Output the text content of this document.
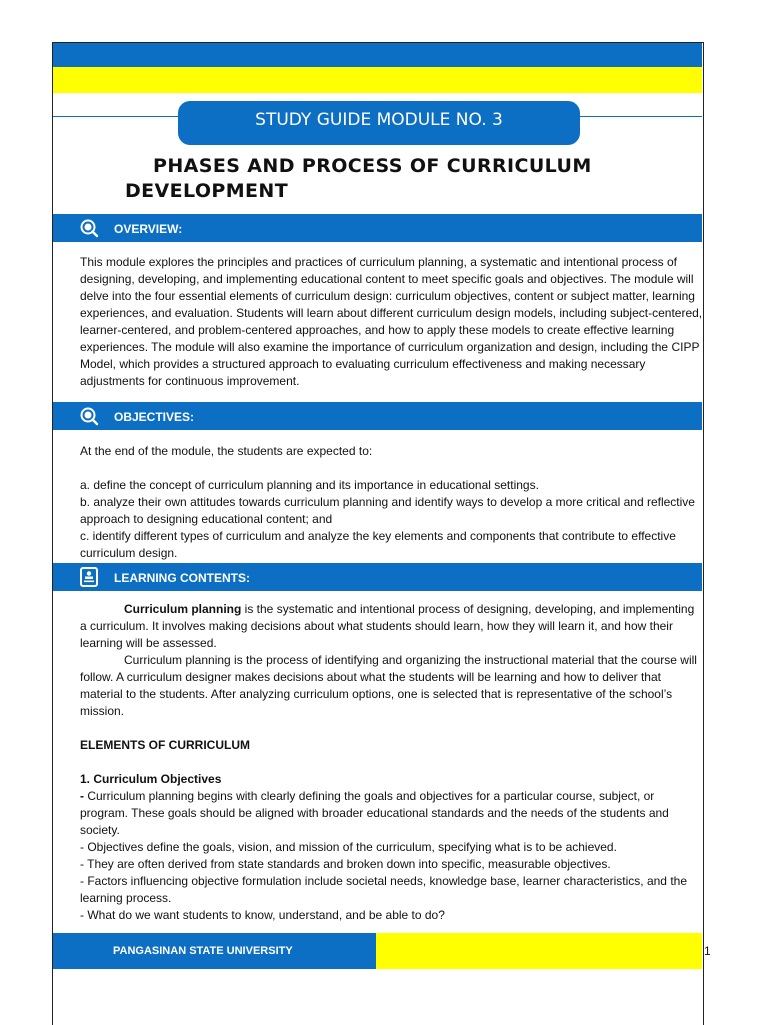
STUDY GUIDE MODULE NO. 3
PHASES AND PROCESS OF CURRICULUM
DEVELOPMENT
OVERVIEW:

This module explores the principles and practices of curriculum planning, a systematic and intentional process of designing, developing, and implementing educational content to meet specific goals and objectives. The module will delve into the four essential elements of curriculum design: curriculum objectives, content or subject matter, learning experiences, and evaluation. Students will learn about different curriculum design models, including subject-centered, learner-centered, and problem-centered approaches, and how to apply these models to create effective learning experiences. The module will also examine the importance of curriculum organization and design, including the CIPP Model, which provides a structured approach to evaluating curriculum effectiveness and making necessary adjustments for continuous improvement.

OBJECTIVES:

At the end of the module, the students are expected to:

a. define the concept of curriculum planning and its importance in educational settings.

b. analyze their own attitudes towards curriculum planning and identify ways to develop a more critical and reflective approach to designing educational content; and

c. identify different types of curriculum and analyze the key elements and components that contribute to effective curriculum design.

LEARNING CONTENTS:

Curriculum planning is the systematic and intentional process of designing, developing, and implementing a curriculum. It involves making decisions about what students should learn, how they will learn it, and how their learning will be assessed.

Curriculum planning is the process of identifying and organizing the instructional material that the course will follow. A curriculum designer makes decisions about what the students will be learning and how to deliver that material to the students. After analyzing curriculum options, one is selected that is representative of the school’s mission.

ELEMENTS OF CURRICULUM

1. Curriculum Objectives

- Curriculum planning begins with clearly defining the goals and objectives for a particular course, subject, or program. These goals should be aligned with broader educational standards and the needs of the students and society.

- Objectives define the goals, vision, and mission of the curriculum, specifying what is to be achieved.

- They are often derived from state standards and broken down into specific, measurable objectives.

- Factors influencing objective formulation include societal needs, knowledge base, learner characteristics, and the learning process.

- What do we want students to know, understand, and be able to do?

PANGASINAN STATE UNIVERSITY	1
